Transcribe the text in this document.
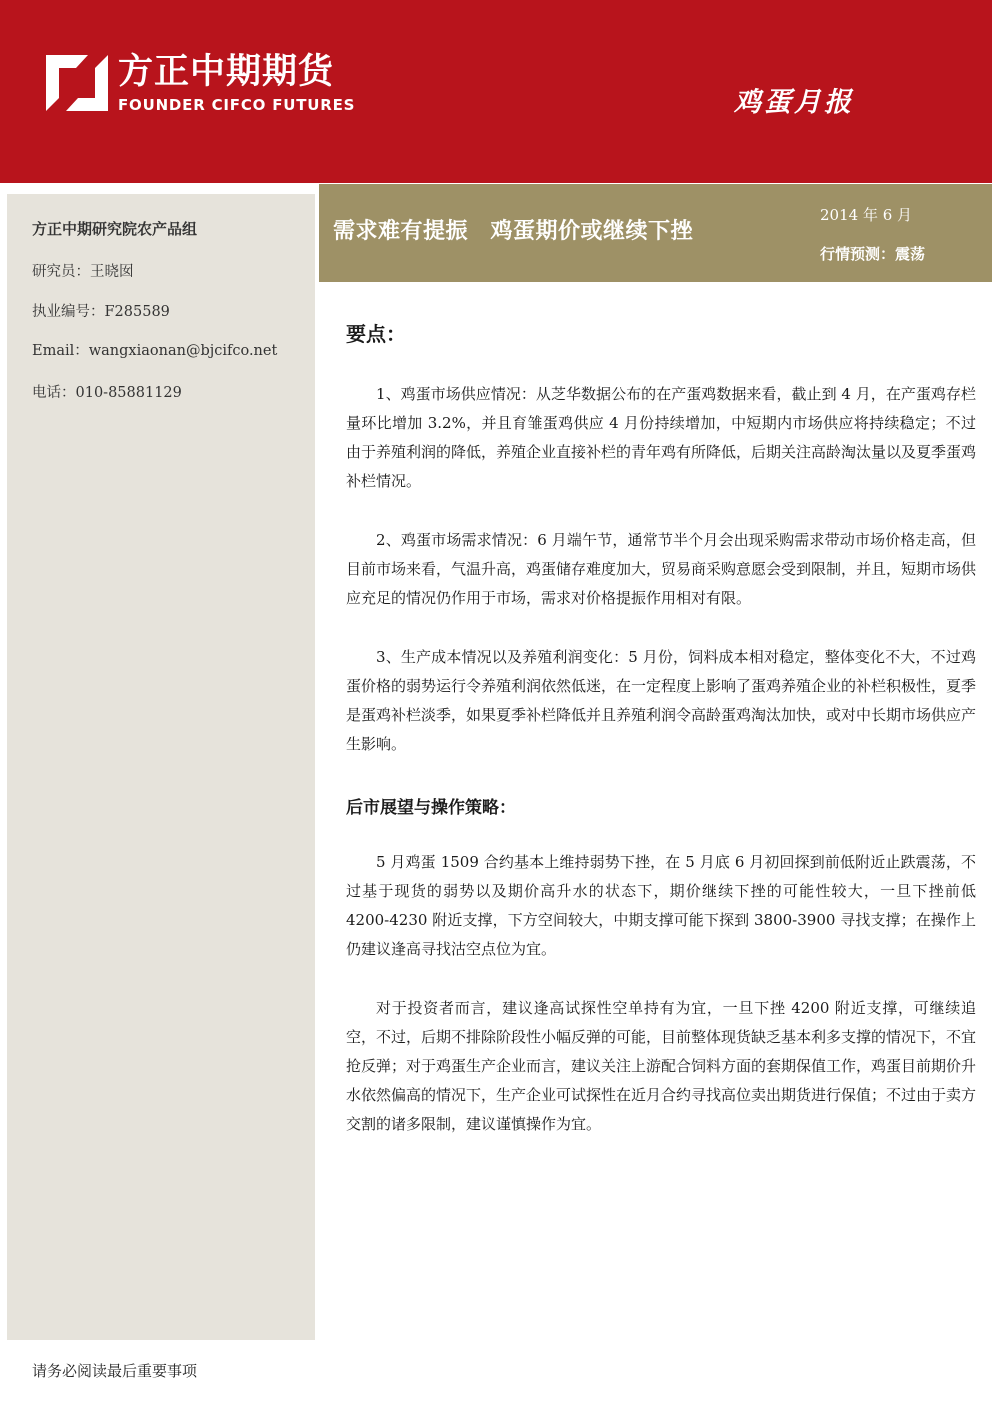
方正中期期货
FOUNDER CIFCO FUTURES	鸡蛋月报
方正中期研究院农产品组
研究员：王晓囡
执业编号：F285589
Email：wangxiaonan@bjcifco.net
电话：010-85881129
需求难有提振　鸡蛋期价或继续下挫
2014 年 6 月
行情预测：震荡
要点：

1、鸡蛋市场供应情况：从芝华数据公布的在产蛋鸡数据来看，截止到 4 月，在产蛋鸡存栏量环比增加 3.2%，并且育雏蛋鸡供应 4 月份持续增加，中短期内市场供应将持续稳定；不过由于养殖利润的降低，养殖企业直接补栏的青年鸡有所降低，后期关注高龄淘汰量以及夏季蛋鸡补栏情况。

2、鸡蛋市场需求情况：6 月端午节，通常节半个月会出现采购需求带动市场价格走高，但目前市场来看，气温升高，鸡蛋储存难度加大，贸易商采购意愿会受到限制，并且，短期市场供应充足的情况仍作用于市场，需求对价格提振作用相对有限。

3、生产成本情况以及养殖利润变化：5 月份，饲料成本相对稳定，整体变化不大，不过鸡蛋价格的弱势运行令养殖利润依然低迷，在一定程度上影响了蛋鸡养殖企业的补栏积极性，夏季是蛋鸡补栏淡季，如果夏季补栏降低并且养殖利润令高龄蛋鸡淘汰加快，或对中长期市场供应产生影响。

后市展望与操作策略：

5 月鸡蛋 1509 合约基本上维持弱势下挫，在 5 月底 6 月初回探到前低附近止跌震荡，不过基于现货的弱势以及期价高升水的状态下，期价继续下挫的可能性较大，一旦下挫前低 4200-4230 附近支撑，下方空间较大，中期支撑可能下探到 3800-3900 寻找支撑；在操作上仍建议逢高寻找沽空点位为宜。

对于投资者而言，建议逢高试探性空单持有为宜，一旦下挫 4200 附近支撑，可继续追空，不过，后期不排除阶段性小幅反弹的可能，目前整体现货缺乏基本利多支撑的情况下，不宜抢反弹；对于鸡蛋生产企业而言，建议关注上游配合饲料方面的套期保值工作，鸡蛋目前期价升水依然偏高的情况下，生产企业可试探性在近月合约寻找高位卖出期货进行保值；不过由于卖方交割的诸多限制，建议谨慎操作为宜。

请务必阅读最后重要事项
